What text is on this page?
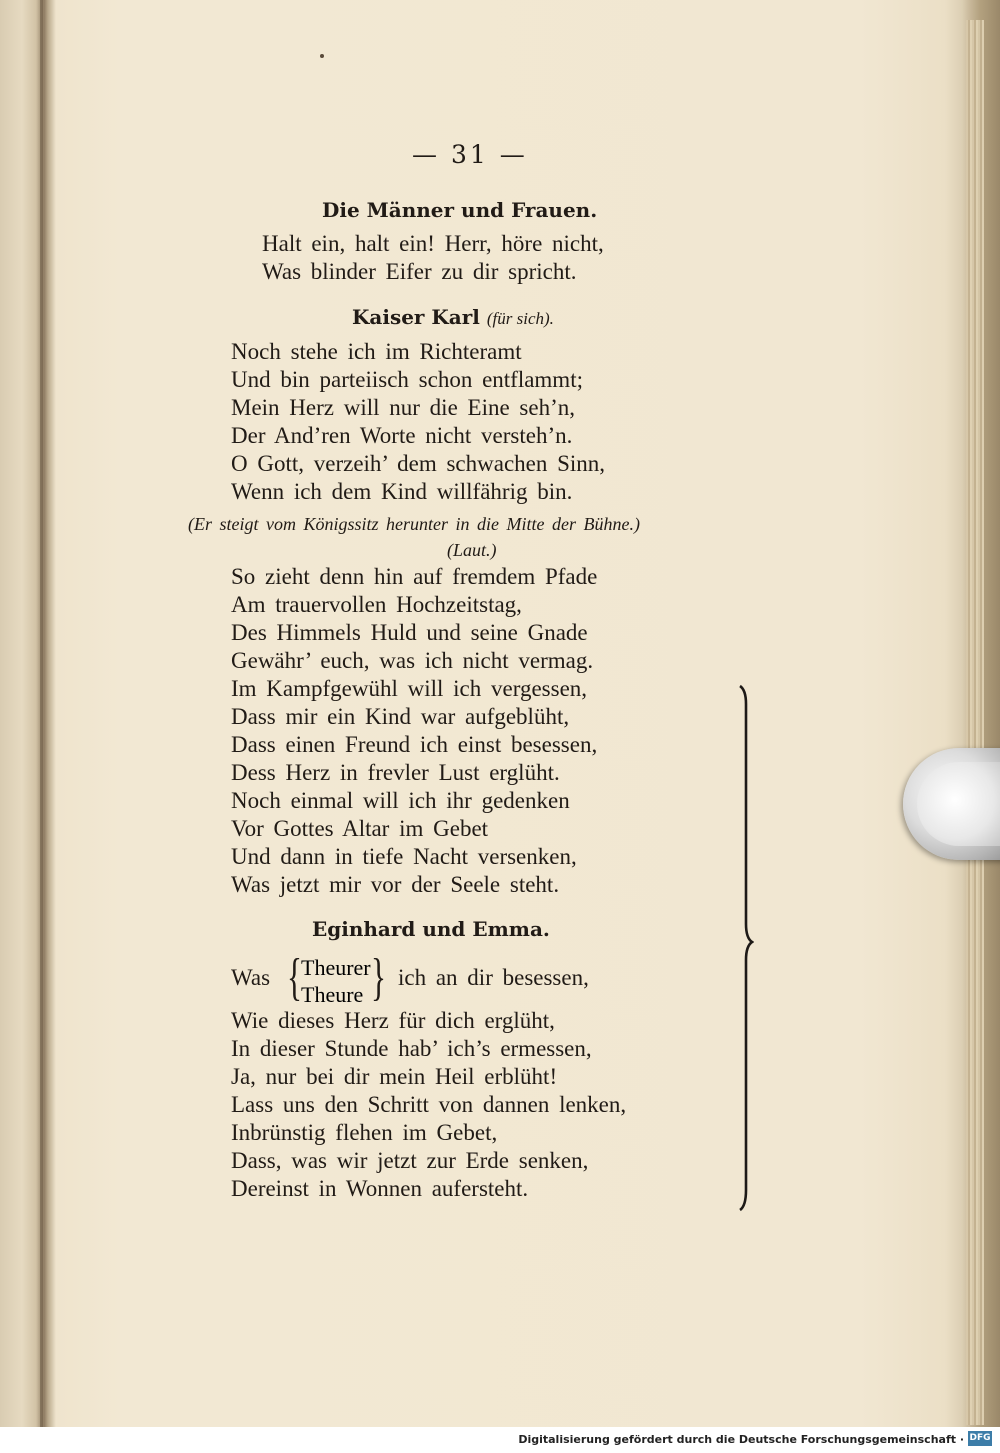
— 31 —
Die Männer und Frauen.
Halt ein, halt ein! Herr, höre nicht,
Was blinder Eifer zu dir spricht.
Kaiser Karl (für sich).
Noch stehe ich im Richteramt
Und bin parteiisch schon entflammt;
Mein Herz will nur die Eine seh’n,
Der And’ren Worte nicht versteh’n.
O Gott, verzeih’ dem schwachen Sinn,
Wenn ich dem Kind willfährig bin.
(Er steigt vom Königssitz herunter in die Mitte der Bühne.)
(Laut.)
So zieht denn hin auf fremdem Pfade
Am trauervollen Hochzeitstag,
Des Himmels Huld und seine Gnade
Gewähr’ euch, was ich nicht vermag.
Im Kampfgewühl will ich vergessen,
Dass mir ein Kind war aufgeblüht,
Dass einen Freund ich einst besessen,
Dess Herz in frevler Lust erglüht.
Noch einmal will ich ihr gedenken
Vor Gottes Altar im Gebet
Und dann in tiefe Nacht versenken,
Was jetzt mir vor der Seele steht.
Eginhard und Emma.
Was { Theurer
Theure } ich an dir besessen,
Wie dieses Herz für dich erglüht,
In dieser Stunde hab’ ich’s ermessen,
Ja, nur bei dir mein Heil erblüht!
Lass uns den Schritt von dannen lenken,
Inbrünstig flehen im Gebet,
Dass, was wir jetzt zur Erde senken,
Dereinst in Wonnen auferstеht.
Digitalisierung gefördert durch die Deutsche Forschungsgemeinschaft · DFG
